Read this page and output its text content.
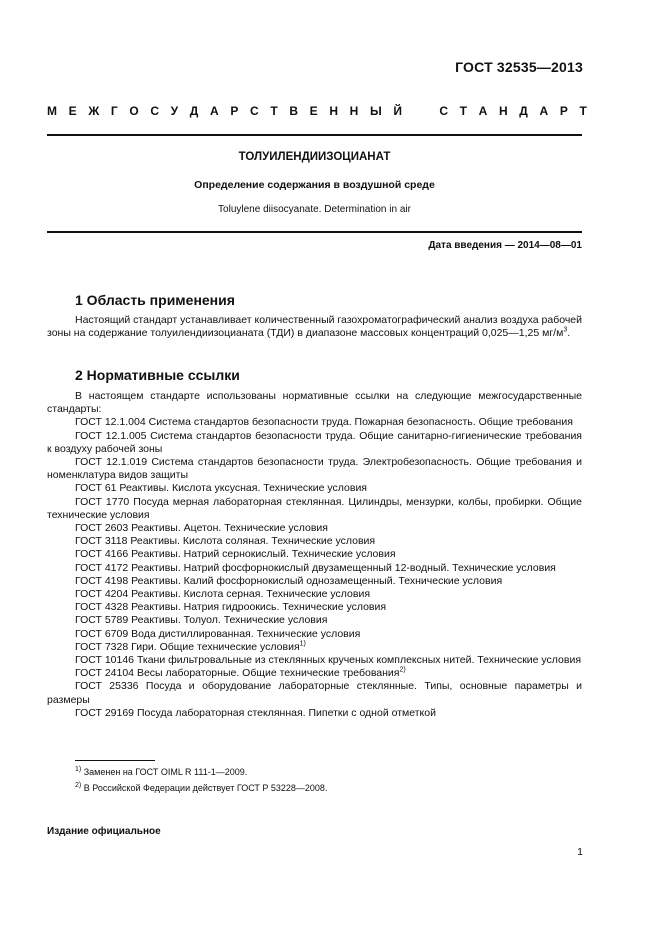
ГОСТ 32535—2013
М Е Ж Г О С У Д А Р С Т В Е Н Н Ы Й	С Т А Н Д А Р Т
ТОЛУИЛЕНДИИЗОЦИАНАТ
Определение содержания в воздушной среде
Toluylene diisocyanate. Determination in air
Дата введения — 2014—08—01
1 Область применения
Настоящий стандарт устанавливает количественный газохроматографический анализ воздуха рабочей зоны на содержание толуилендиизоцианата (ТДИ) в диапазоне массовых концентраций 0,025—1,25 $мг/м^3$.
2 Нормативные ссылки
В настоящем стандарте использованы нормативные ссылки на следующие межгосударственные стандарты:
ГОСТ 12.1.004 Система стандартов безопасности труда. Пожарная безопасность. Общие требования
ГОСТ 12.1.005 Система стандартов безопасности труда. Общие санитарно-гигиенические требования к воздуху рабочей зоны
ГОСТ 12.1.019 Система стандартов безопасности труда. Электробезопасность. Общие требования и номенклатура видов защиты
ГОСТ 61 Реактивы. Кислота уксусная. Технические условия
ГОСТ 1770 Посуда мерная лабораторная стеклянная. Цилиндры, мензурки, колбы, пробирки. Общие технические условия
ГОСТ 2603 Реактивы. Ацетон. Технические условия
ГОСТ 3118 Реактивы. Кислота соляная. Технические условия
ГОСТ 4166 Реактивы. Натрий сернокислый. Технические условия
ГОСТ 4172 Реактивы. Натрий фосфорнокислый двузамещенный 12-водный. Технические условия
ГОСТ 4198 Реактивы. Калий фосфорнокислый однозамещенный. Технические условия
ГОСТ 4204 Реактивы. Кислота серная. Технические условия
ГОСТ 4328 Реактивы. Натрия гидроокись. Технические условия
ГОСТ 5789 Реактивы. Толуол. Технические условия
ГОСТ 6709 Вода дистиллированная. Технические условия
ГОСТ 7328 Гири. Общие технические условия$^{1)}$
ГОСТ 10146 Ткани фильтровальные из стеклянных крученых комплексных нитей. Технические условия
ГОСТ 24104 Весы лабораторные. Общие технические требования$^{2)}$
ГОСТ 25336 Посуда и оборудование лабораторные стеклянные. Типы, основные параметры и размеры
ГОСТ 29169 Посуда лабораторная стеклянная. Пипетки с одной отметкой
$^{1)}$ Заменен на ГОСТ OIML R 111-1—2009.
$^{2)}$ В Российской Федерации действует ГОСТ Р 53228—2008.
Издание официальное
1
